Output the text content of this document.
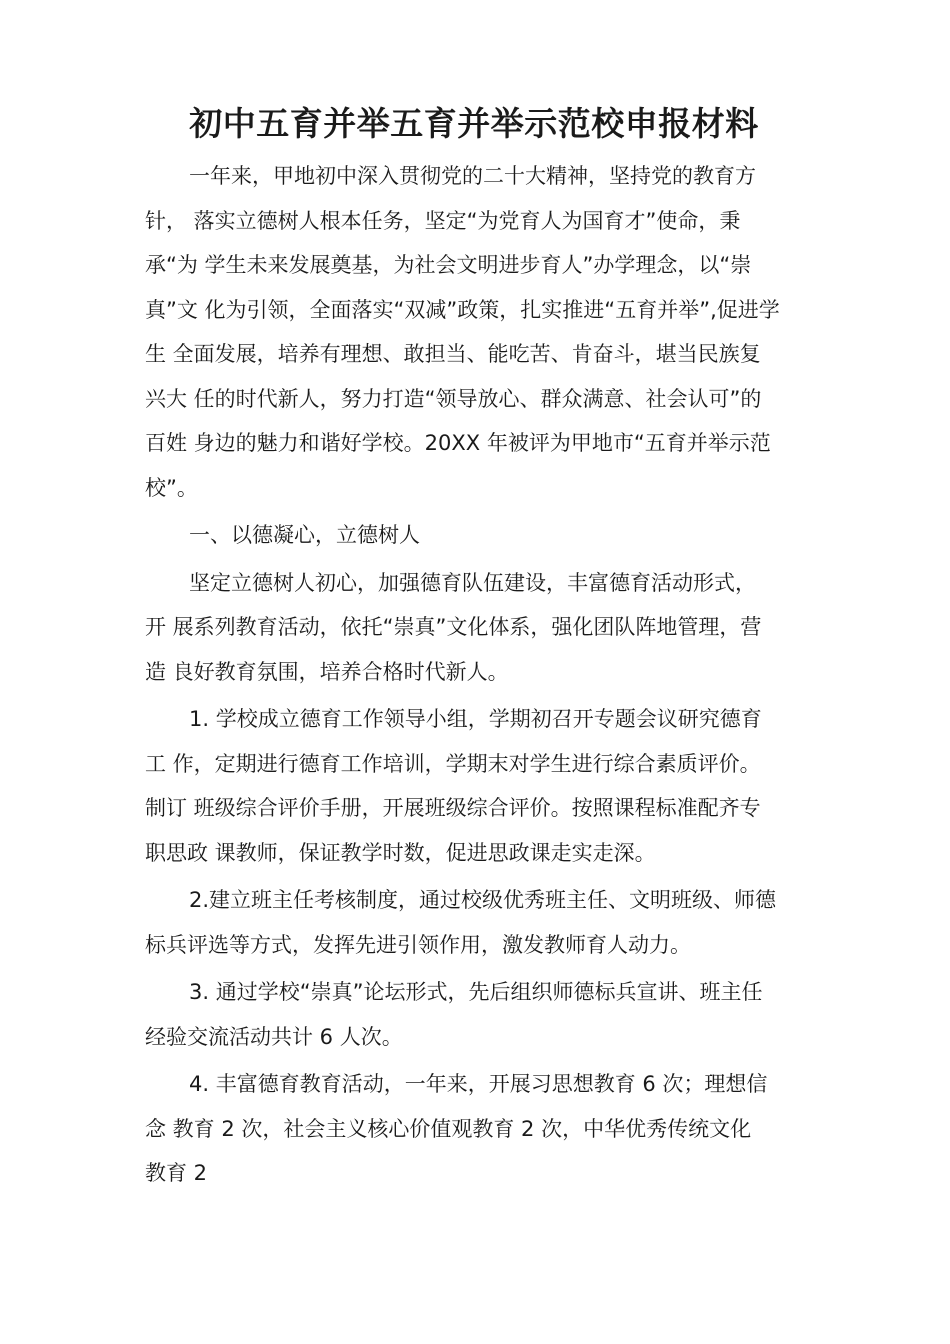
初中五育并举五育并举示范校申报材料

一年来，甲地初中深入贯彻党的二十大精神，坚持党的教育方
针， 落实立德树人根本任务，坚定“为党育人为国育才”使命，秉
承“为 学生未来发展奠基，为社会文明进步育人”办学理念，以“崇
真”文 化为引领，全面落实“双减”政策，扎实推进“五育并举”,促进学
生 全面发展，培养有理想、敢担当、能吃苦、肯奋斗，堪当民族复
兴大 任的时代新人，努力打造“领导放心、群众满意、社会认可”的
百姓 身边的魅力和谐好学校。20XX 年被评为甲地市“五育并举示范
校”。

一、以德凝心，立德树人

坚定立德树人初心，加强德育队伍建设，丰富德育活动形式，
开 展系列教育活动，依托“崇真”文化体系，强化团队阵地管理，营
造 良好教育氛围，培养合格时代新人。

1. 学校成立德育工作领导小组，学期初召开专题会议研究德育
工 作，定期进行德育工作培训，学期末对学生进行综合素质评价。
制订 班级综合评价手册，开展班级综合评价。按照课程标准配齐专
职思政 课教师，保证教学时数，促进思政课走实走深。

2.建立班主任考核制度，通过校级优秀班主任、文明班级、师德
标兵评选等方式，发挥先进引领作用，激发教师育人动力。

3. 通过学校“崇真”论坛形式，先后组织师德标兵宣讲、班主任
经验交流活动共计 6 人次。

4. 丰富德育教育活动，一年来，开展习思想教育 6 次；理想信
念 教育 2 次，社会主义核心价值观教育 2 次，中华优秀传统文化
教育 2
